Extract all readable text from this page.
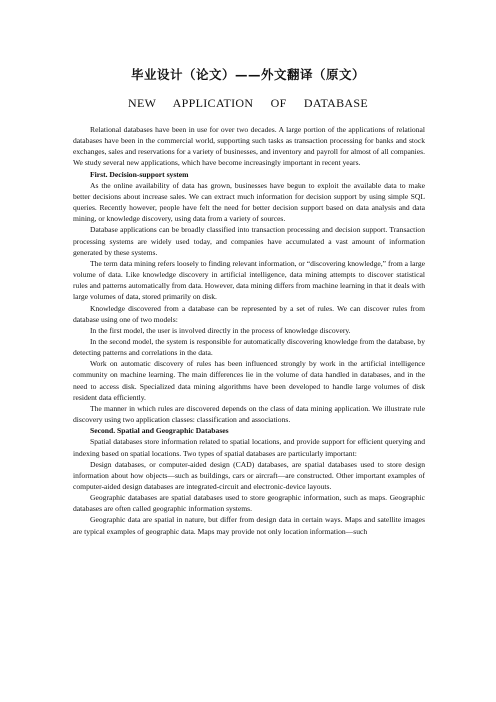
毕业设计（论文）——外文翻译（原文）
NEW APPLICATION OF DATABASE

Relational databases have been in use for over two decades. A large portion of the applications of relational databases have been in the commercial world, supporting such tasks as transaction processing for banks and stock exchanges, sales and reservations for a variety of businesses, and inventory and payroll for almost of all companies. We study several new applications, which have become increasingly important in recent years.

First. Decision-support system

As the online availability of data has grown, businesses have begun to exploit the available data to make better decisions about increase sales. We can extract much information for decision support by using simple SQL queries. Recently however, people have felt the need for better decision support based on data analysis and data mining, or knowledge discovery, using data from a variety of sources.

Database applications can be broadly classified into transaction processing and decision support. Transaction processing systems are widely used today, and companies have accumulated a vast amount of information generated by these systems.

The term data mining refers loosely to finding relevant information, or “discovering knowledge,” from a large volume of data. Like knowledge discovery in artificial intelligence, data mining attempts to discover statistical rules and patterns automatically from data. However, data mining differs from machine learning in that it deals with large volumes of data, stored primarily on disk.

Knowledge discovered from a database can be represented by a set of rules. We can discover rules from database using one of two models:

In the first model, the user is involved directly in the process of knowledge discovery.

In the second model, the system is responsible for automatically discovering knowledge from the database, by detecting patterns and correlations in the data.

Work on automatic discovery of rules has been influenced strongly by work in the artificial intelligence community on machine learning. The main differences lie in the volume of data handled in databases, and in the need to access disk. Specialized data mining algorithms have been developed to handle large volumes of disk resident data efficiently.

The manner in which rules are discovered depends on the class of data mining application. We illustrate rule discovery using two application classes: classification and associations.

Second. Spatial and Geographic Databases

Spatial databases store information related to spatial locations, and provide support for efficient querying and indexing based on spatial locations. Two types of spatial databases are particularly important:

Design databases, or computer-aided design (CAD) databases, are spatial databases used to store design information about how objects—such as buildings, cars or aircraft—are constructed. Other important examples of computer-aided design databases are integrated-circuit and electronic-device layouts.

Geographic databases are spatial databases used to store geographic information, such as maps. Geographic databases are often called geographic information systems.

Geographic data are spatial in nature, but differ from design data in certain ways. Maps and satellite images are typical examples of geographic data. Maps may provide not only location information—such
